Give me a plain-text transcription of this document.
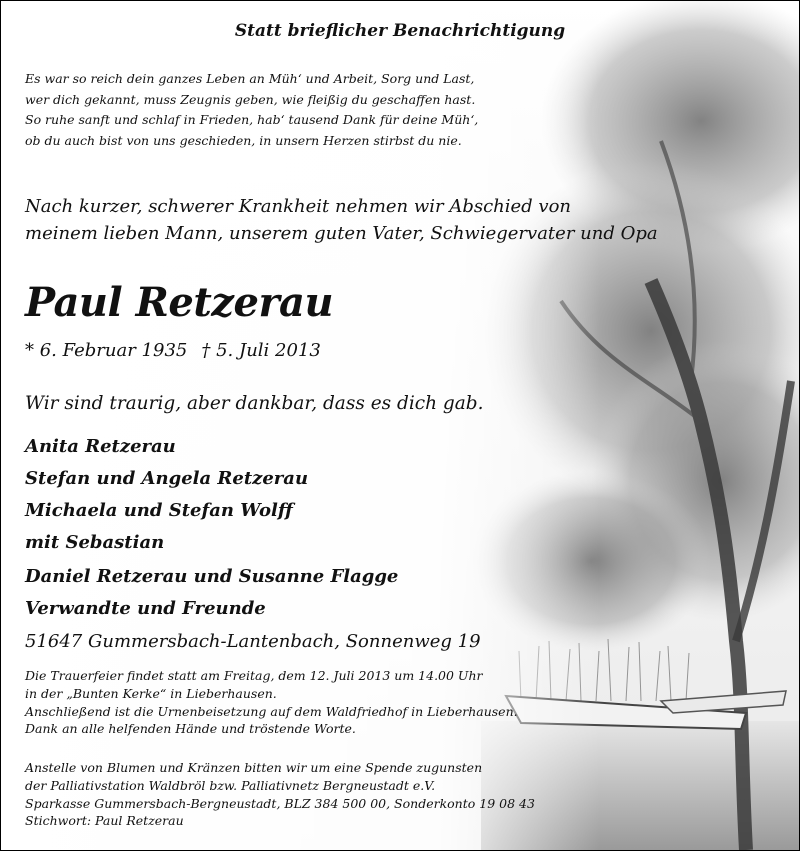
Statt brieflicher Benachrichtigung
Es war so reich dein ganzes Leben an Müh‘ und Arbeit, Sorg und Last,
wer dich gekannt, muss Zeugnis geben, wie fleißig du geschaffen hast.
So ruhe sanft und schlaf in Frieden, hab‘ tausend Dank für deine Müh‘,
ob du auch bist von uns geschieden, in unsern Herzen stirbst du nie.
Nach kurzer, schwerer Krankheit nehmen wir Abschied von
meinem lieben Mann, unserem guten Vater, Schwiegervater und Opa
Paul Retzerau
* 6. Februar 1935 † 5. Juli 2013
Wir sind traurig, aber dankbar, dass es dich gab.
Anita Retzerau
Stefan und Angela Retzerau
Michaela und Stefan Wolff
mit Sebastian
Daniel Retzerau und Susanne Flagge
Verwandte und Freunde
51647 Gummersbach-Lantenbach, Sonnenweg 19
Die Trauerfeier findet statt am Freitag, dem 12. Juli 2013 um 14.00 Uhr
in der „Bunten Kerke“ in Lieberhausen.
Anschließend ist die Urnenbeisetzung auf dem Waldfriedhof in Lieberhausen.
Dank an alle helfenden Hände und tröstende Worte.
Anstelle von Blumen und Kränzen bitten wir um eine Spende zugunsten
der Palliativstation Waldbröl bzw. Palliativnetz Bergneustadt e.V.
Sparkasse Gummersbach-Bergneustadt, BLZ 384 500 00, Sonderkonto 19 08 43
Stichwort: Paul Retzerau
